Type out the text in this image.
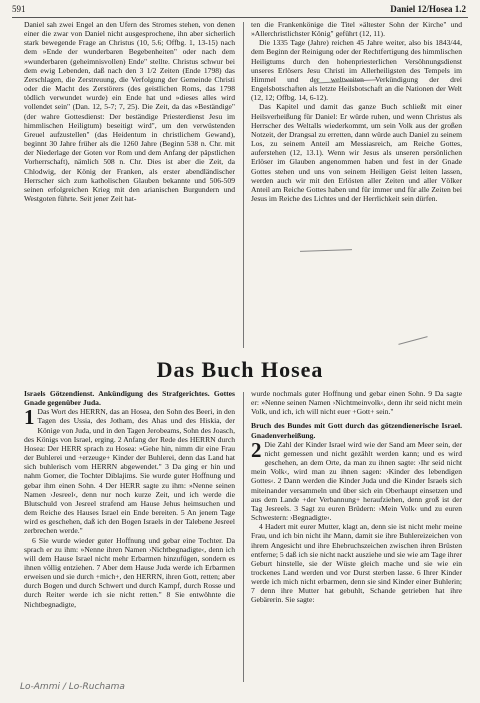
591	Daniel 12/Hosea 1.2

Daniel sah zwei Engel an den Ufern des Stromes stehen, von denen einer die zwar von Daniel nicht ausgesprochene, ihn aber sicherlich stark bewegende Frage an Christus (10, 5.6; Offbg. 1, 13-15) nach dem »Ende der wunderbaren Begebenheiten" oder nach dem »wunderbaren (geheimnisvollen) Ende" stellte. Christus schwur bei dem ewig Lebenden, daß nach den 3 1/2 Zeiten (Ende 1798) das Zerschlagen, die Zerstreuung, die Verfolgung der Gemeinde Christi oder die Macht des Zerstörers (des geistlichen Roms, das 1798 tödlich verwundet wurde) ein Ende hat und »dieses alles wird vollendet sein" (Dan. 12, 5-7; 7, 25). Die Zeit, da das »Beständige" (der wahre Gottesdienst: Der beständige Priesterdienst Jesu im himmlischen Heiligtum) beseitigt wird", um den verwüstenden Greuel aufzustellen" (das Heidentum in christlichem Gewand), beginnt 30 Jahre früher als die 1260 Jahre (Beginn 538 n. Chr. mit der Niederlage der Goten vor Rom und dem Anfang der päpstlichen Vorherrschaft), nämlich 508 n. Chr. Dies ist aber die Zeit, da Chlodwig, der König der Franken, als erster abendländischer Herrscher sich zum katholischen Glauben bekannte und 506-509 seinen erfolgreichen Krieg mit den arianischen Burgundern und Westgoten führte. Seit jener Zeit hat-

ten die Frankenkönige die Titel »ältester Sohn der Kirche" und »Allerchristlichster König" geführt (12, 11).

Die 1335 Tage (Jahre) reichen 45 Jahre weiter, also bis 1843/44, dem Beginn der Reinigung oder der Rechtfertigung des himmlischen Heiligtums durch den hohenpriesterlichen Versöhnungsdienst unseres Erlösers Jesu Christi im Allerheiligsten des Tempels im Himmel und der weltweiten Verkündigung der drei Engelsbotschaften als letzte Heilsbotschaft an die Nationen der Welt (12, 12; Offbg. 14, 6-12).

Das Kapitel und damit das ganze Buch schließt mit einer Heilsverheißung für Daniel: Er würde ruhen, und wenn Christus als Herrscher des Weltalls wiederkommt, um sein Volk aus der großen Notzeit, der Drangsal zu erretten, dann würde auch Daniel zu seinem Los, zu seinem Anteil am Messiasreich, am Reiche Gottes, auferstehen (12, 13.1). Wenn wir Jesus als unseren persönlichen Erlöser im Glauben angenommen haben und fest in der Gnade Gottes stehen und uns von seinem Heiligen Geist leiten lassen, werden auch wir mit den Erlösten aller Zeiten und aller Völker Anteil am Reiche Gottes haben und für immer und für alle Zeiten bei Jesus im Reiche des Lichtes und der Herrlichkeit sein dürfen.

Das Buch Hosea

Israels Götzendienst. Ankündigung des Strafgerichtes. Gottes Gnade gegenüber Juda.

1 Das Wort des HERRN, das an Hosea, den Sohn des Beeri, in den Tagen des Ussia, des Jotham, des Ahas und des Hiskia, der Könige von Juda, und in den Tagen Jerobeams, Sohn des Joasch, des Königs von Israel, erging. 2 Anfang der Rede des HERRN durch Hosea: Der HERR sprach zu Hosea: »Gehe hin, nimm dir eine Frau der Buhlerei und +erzeuge+ Kinder der Buhlerei, denn das Land hat sich buhlerisch vom HERRN abgewendet." 3 Da ging er hin und nahm Gomer, die Tochter Diblajims. Sie wurde guter Hoffnung und gebar ihm einen Sohn. 4 Der HERR sagte zu ihm: »Nenne seinen Namen ›Jesreel‹, denn nur noch kurze Zeit, und ich werde die Blutschuld von Jesreel strafend am Hause Jehus heimsuchen und dem Reiche des Hauses Israel ein Ende bereiten. 5 An jenem Tage wird es geschehen, daß ich den Bogen Israels in der Talebene Jesreel zerbrechen werde."

6 Sie wurde wieder guter Hoffnung und gebar eine Tochter. Da sprach er zu ihm: »Nenne ihren Namen ›Nichtbegnadigte‹, denn ich will dem Hause Israel nicht mehr Erbarmen hinzufügen, sondern es ihnen völlig entziehen. 7 Aber dem Hause Juda werde ich Erbarmen erweisen und sie durch +mich+, den HERRN, ihren Gott, retten; aber durch Bogen und durch Schwert und durch Kampf, durch Rosse und durch Reiter werde ich sie nicht retten." 8 Sie entwöhnte die Nichtbegnadigte,

wurde nochmals guter Hoffnung und gebar einen Sohn. 9 Da sagte er: »Nenne seinen Namen ›Nichtmeinvolk‹, denn ihr seid nicht mein Volk, und ich, ich will nicht euer +Gott+ sein."

Bruch des Bundes mit Gott durch das götzendienerische Israel. Gnadenverheißung.

2 Die Zahl der Kinder Israel wird wie der Sand am Meer sein, der nicht gemessen und nicht gezählt werden kann; und es wird geschehen, an dem Orte, da man zu ihnen sagte: ›Ihr seid nicht mein Volk‹, wird man zu ihnen sagen: ›Kinder des lebendigen Gottes‹. 2 Dann werden die Kinder Juda und die Kinder Israels sich miteinander versammeln und über sich ein Oberhaupt einsetzen und aus dem Lande +der Verbannung+ heraufziehen, denn groß ist der Tag Jesreels. 3 Sagt zu euren Brüdern: ›Mein Volk‹ und zu euren Schwestern: ›Begnadigte‹.

4 Hadert mit eurer Mutter, klagt an, denn sie ist nicht mehr meine Frau, und ich bin nicht ihr Mann, damit sie ihre Buhlereizeichen von ihrem Angesicht und ihre Ehebruchszeichen zwischen ihren Brüsten entferne; 5 daß ich sie nicht nackt ausziehe und sie wie am Tage ihrer Geburt hinstelle, sie der Wüste gleich mache und sie wie ein trockenes Land werden und vor Durst sterben lasse. 6 Ihrer Kinder werde ich mich nicht erbarmen, denn sie sind Kinder einer Buhlerin; 7 denn ihre Mutter hat gebuhlt, Schande getrieben hat ihre Gebärerin. Sie sagte:

Lo-Ammi / Lo-Ruchama
